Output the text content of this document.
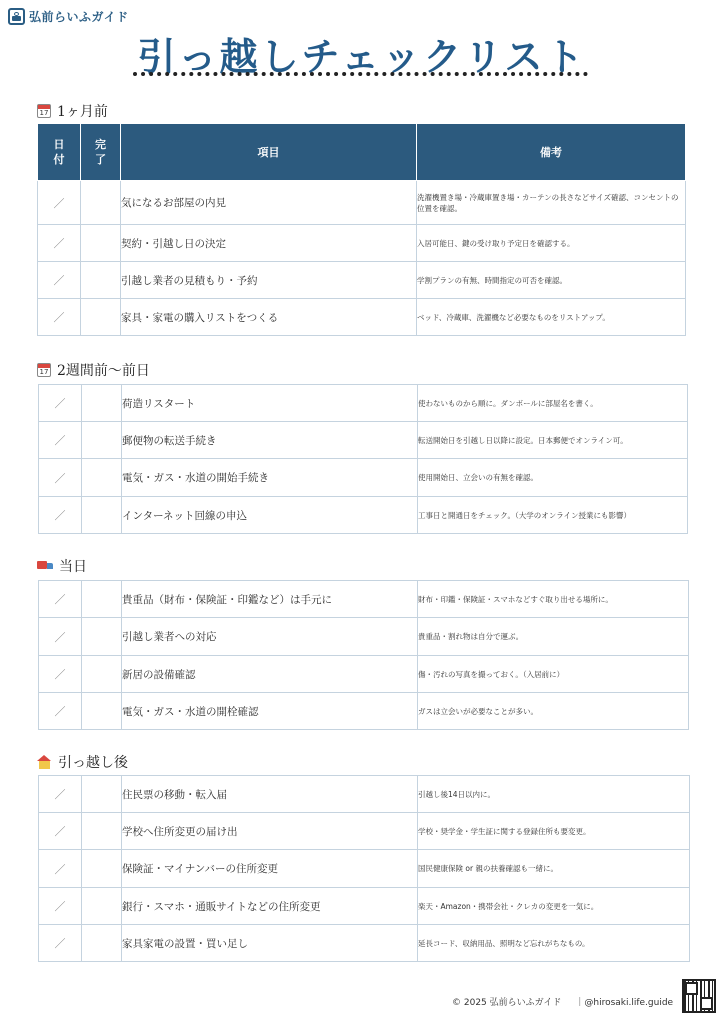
弘前らいふガイド
引っ越しチェックリスト
17
1ヶ月前
日付	完了	項目	備考
／		気になるお部屋の内見	洗濯機置き場・冷蔵庫置き場・カーテンの長さなどサイズ確認、コンセントの位置を確認。
／		契約・引越し日の決定	入居可能日、鍵の受け取り予定日を確認する。
／		引越し業者の見積もり・予約	学割プランの有無、時間指定の可否を確認。
／		家具・家電の購入リストをつくる	ベッド、冷蔵庫、洗濯機など必要なものをリストアップ。
17
2週間前〜前日
／		荷造リスタート	使わないものから順に。ダンボールに部屋名を書く。
／		郵便物の転送手続き	転送開始日を引越し日以降に設定。日本郵便でオンライン可。
／		電気・ガス・水道の開始手続き	使用開始日、立会いの有無を確認。
／		インターネット回線の申込	工事日と開通日をチェック。（大学のオンライン授業にも影響）
当日
／		貴重品（財布・保険証・印鑑など）は手元に	財布・印鑑・保険証・スマホなどすぐ取り出せる場所に。
／		引越し業者への対応	貴重品・割れ物は自分で運ぶ。
／		新居の設備確認	傷・汚れの写真を撮っておく。（入居前に）
／		電気・ガス・水道の開栓確認	ガスは立会いが必要なことが多い。
引っ越し後
／		住民票の移動・転入届	引越し後14日以内に。
／		学校へ住所変更の届け出	学校・奨学金・学生証に関する登録住所も要変更。
／		保険証・マイナンバーの住所変更	国民健康保険 or 親の扶養確認も一緒に。
／		銀行・スマホ・通販サイトなどの住所変更	楽天・Amazon・携帯会社・クレカの変更を一気に。
／		家具家電の設置・買い足し	延長コード、収納用品、照明など忘れがちなもの。
© 2025 弘前らいふガイド ｜@hirosaki.life.guide
